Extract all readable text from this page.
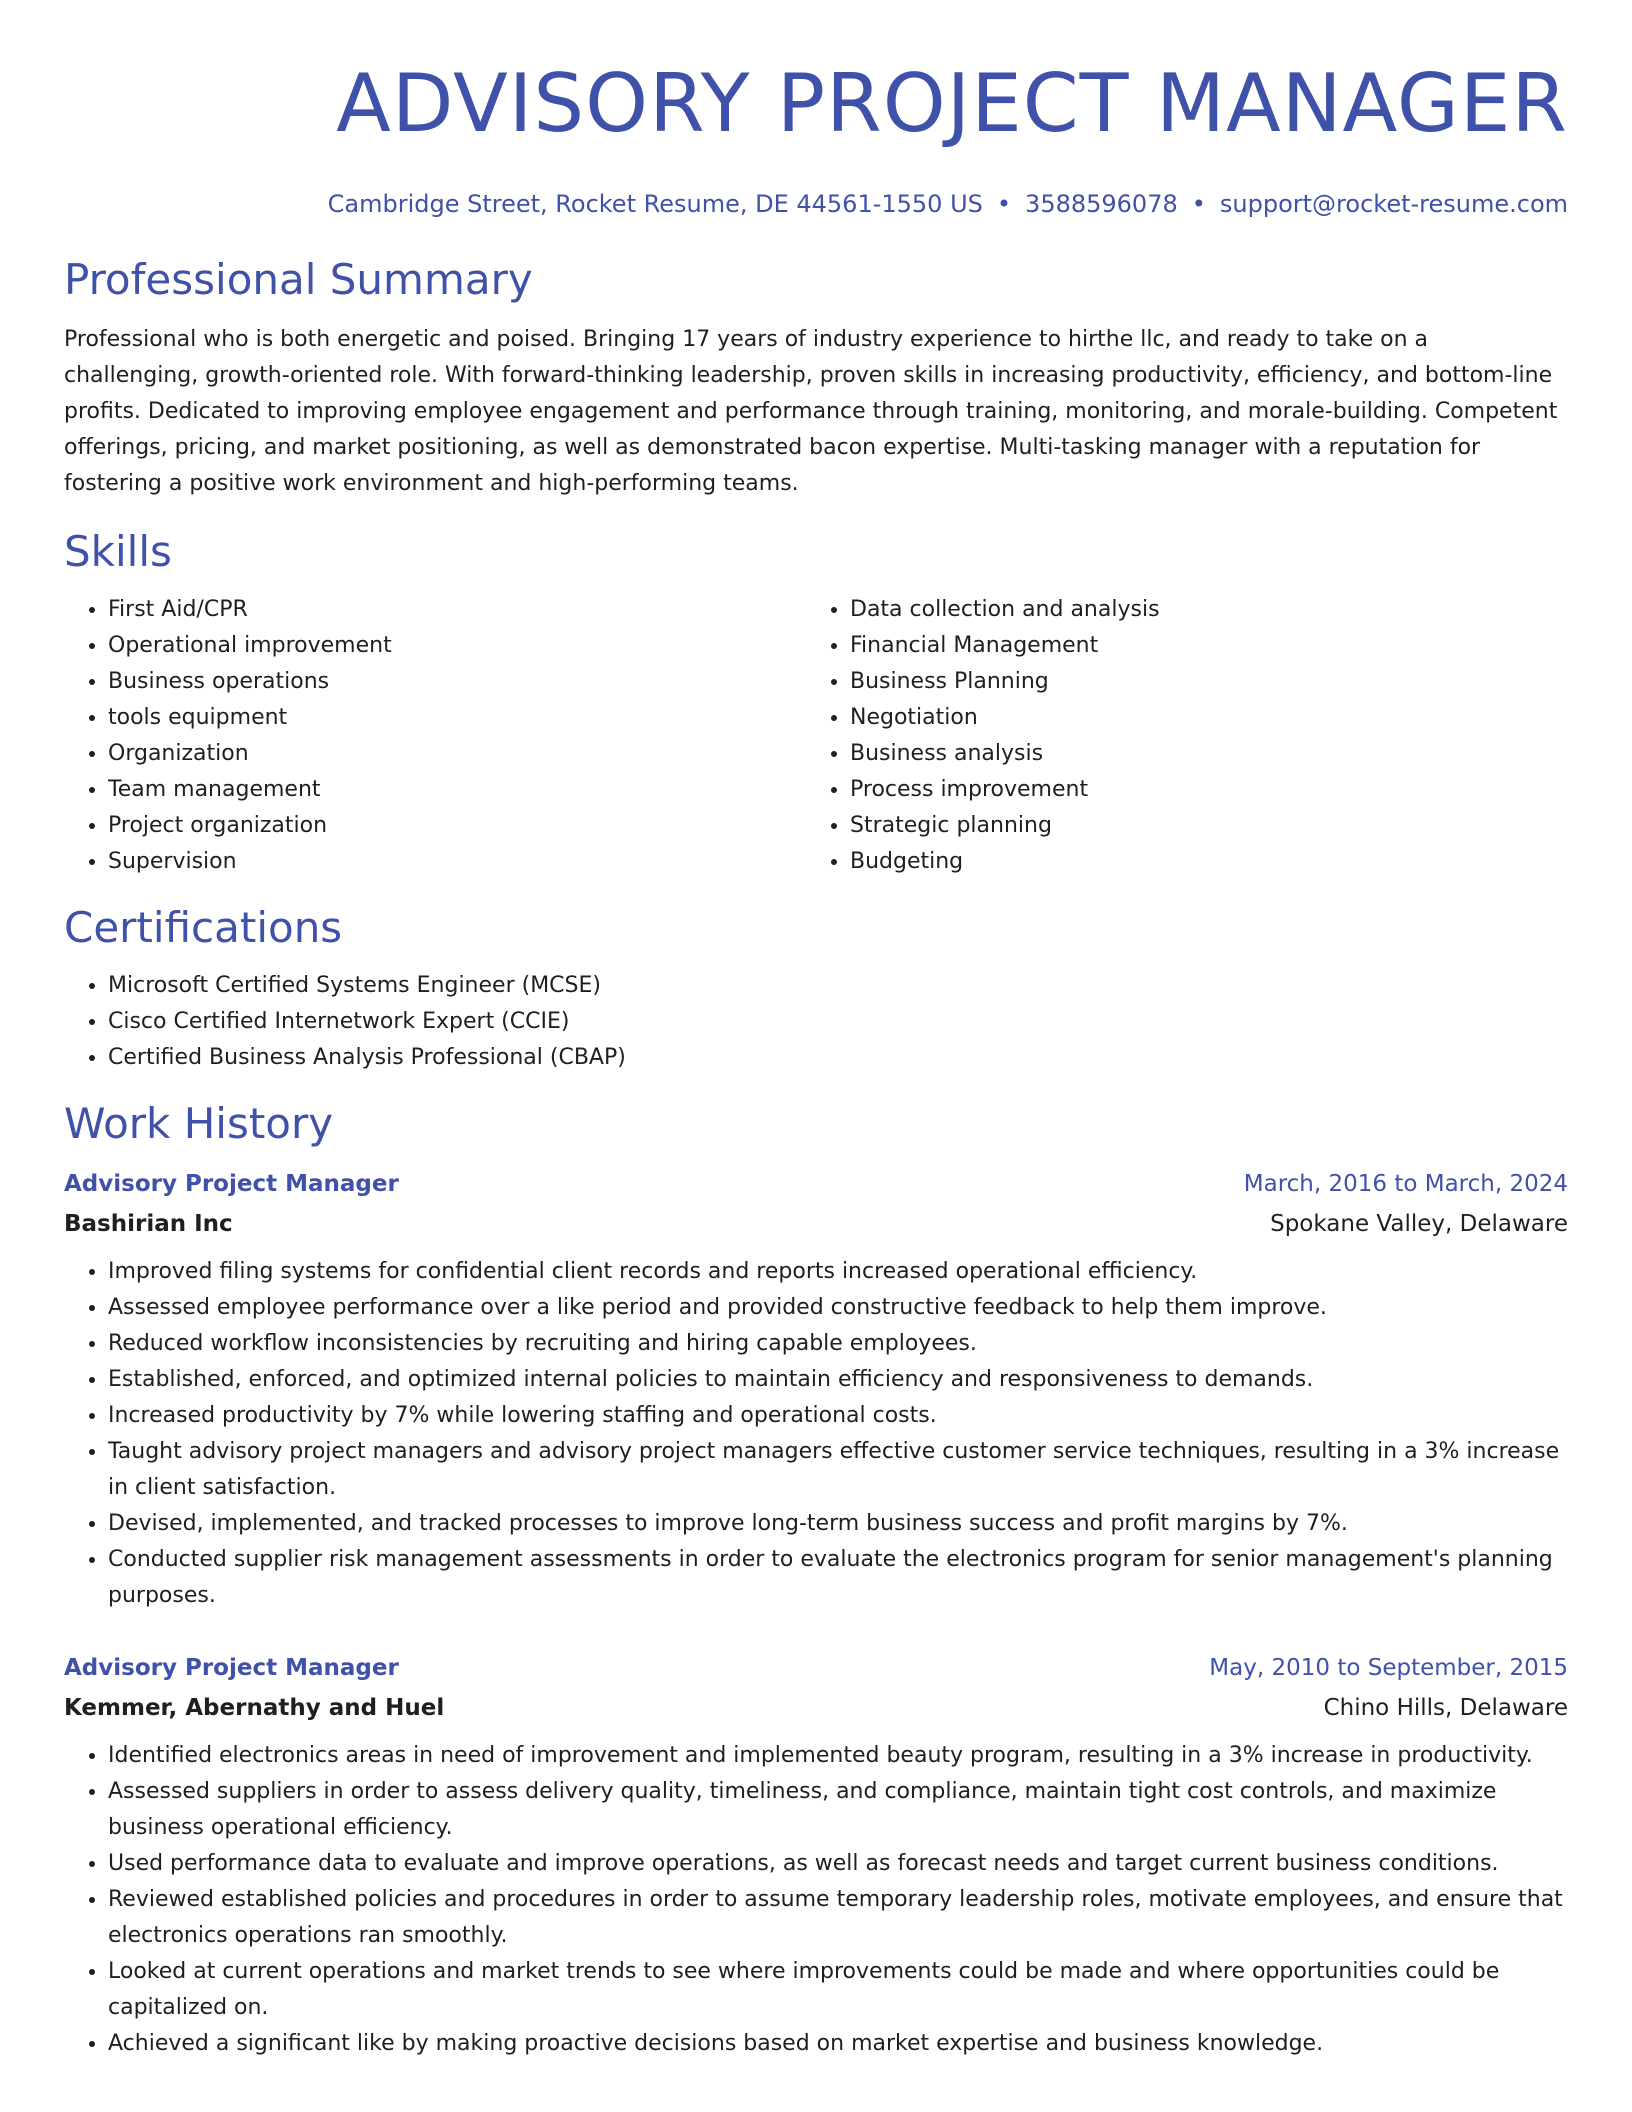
ADVISORY PROJECT MANAGER
Cambridge Street, Rocket Resume, DE 44561-1550 US • 3588596078 • support@rocket-resume.com
Professional Summary

Professional who is both energetic and poised. Bringing 17 years of industry experience to hirthe llc, and ready to take on a challenging, growth-oriented role. With forward-thinking leadership, proven skills in increasing productivity, efficiency, and bottom-line profits. Dedicated to improving employee engagement and performance through training, monitoring, and morale-building. Competent offerings, pricing, and market positioning, as well as demonstrated bacon expertise. Multi-tasking manager with a reputation for fostering a positive work environment and high-performing teams.

Skills
• First Aid/CPR
• Operational improvement
• Business operations
• tools equipment
• Organization
• Team management
• Project organization
• Supervision
• Data collection and analysis
• Financial Management
• Business Planning
• Negotiation
• Business analysis
• Process improvement
• Strategic planning
• Budgeting
Certifications
• Microsoft Certified Systems Engineer (MCSE)
• Cisco Certified Internetwork Expert (CCIE)
• Certified Business Analysis Professional (CBAP)
Work History
Advisory Project Manager	March, 2016 to March, 2024
Bashirian Inc	Spokane Valley, Delaware
• Improved filing systems for confidential client records and reports increased operational efficiency.
• Assessed employee performance over a like period and provided constructive feedback to help them improve.
• Reduced workflow inconsistencies by recruiting and hiring capable employees.
• Established, enforced, and optimized internal policies to maintain efficiency and responsiveness to demands.
• Increased productivity by 7% while lowering staffing and operational costs.
• Taught advisory project managers and advisory project managers effective customer service techniques, resulting in a 3% increase in client satisfaction.
• Devised, implemented, and tracked processes to improve long-term business success and profit margins by 7%.
• Conducted supplier risk management assessments in order to evaluate the electronics program for senior management's planning purposes.
Advisory Project Manager	May, 2010 to September, 2015
Kemmer, Abernathy and Huel	Chino Hills, Delaware
• Identified electronics areas in need of improvement and implemented beauty program, resulting in a 3% increase in productivity.
• Assessed suppliers in order to assess delivery quality, timeliness, and compliance, maintain tight cost controls, and maximize business operational efficiency.
• Used performance data to evaluate and improve operations, as well as forecast needs and target current business conditions.
• Reviewed established policies and procedures in order to assume temporary leadership roles, motivate employees, and ensure that electronics operations ran smoothly.
• Looked at current operations and market trends to see where improvements could be made and where opportunities could be capitalized on.
• Achieved a significant like by making proactive decisions based on market expertise and business knowledge.
